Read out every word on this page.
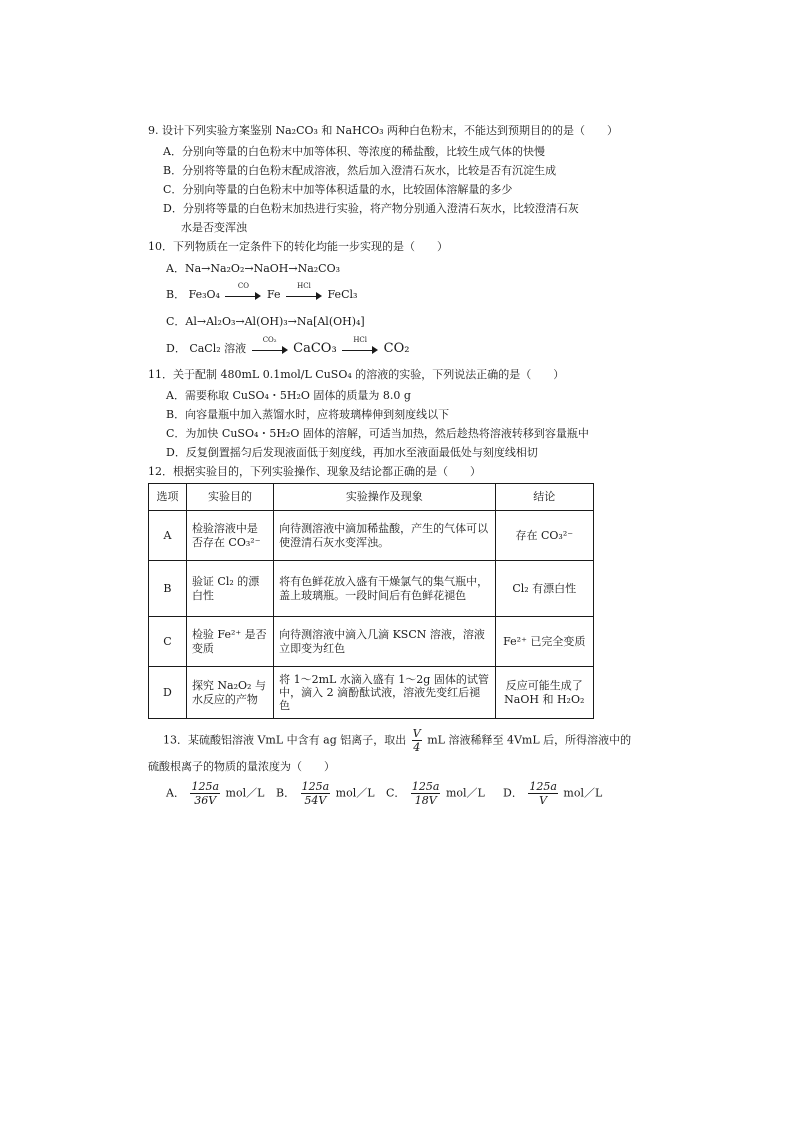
9. 设计下列实验方案鉴别 Na₂CO₃ 和 NaHCO₃ 两种白色粉末，不能达到预期目的的是（　　）
A．分别向等量的白色粉末中加等体积、等浓度的稀盐酸，比较生成气体的快慢
B．分别将等量的白色粉末配成溶液，然后加入澄清石灰水，比较是否有沉淀生成
C．分别向等量的白色粉末中加等体积适量的水，比较固体溶解量的多少
D．分别将等量的白色粉末加热进行实验，将产物分别通入澄清石灰水，比较澄清石灰
水是否变浑浊
10．下列物质在一定条件下的转化均能一步实现的是（　　）
A．Na→Na₂O₂→NaOH→Na₂CO₃
B． Fe₃O₄
CO
Fe
HCl
FeCl₃
C．Al→Al₂O₃→Al(OH)₃→Na[Al(OH)₄]
D． CaCl₂ 溶液
CO₂
CaCO₃
HCl
CO₂
11．关于配制 480mL 0.1mol/L CuSO₄ 的溶液的实验，下列说法正确的是（　　）
A．需要称取 CuSO₄・5H₂O 固体的质量为 8.0 g
B．向容量瓶中加入蒸馏水时，应将玻璃棒伸到刻度线以下
C．为加快 CuSO₄・5H₂O 固体的溶解，可适当加热，然后趁热将溶液转移到容量瓶中
D．反复倒置摇匀后发现液面低于刻度线，再加水至液面最低处与刻度线相切
12．根据实验目的，下列实验操作、现象及结论都正确的是（　　）
选项	实验目的	实验操作及现象	结论
A	检验溶液中是否存在 CO₃²⁻	向待测溶液中滴加稀盐酸，产生的气体可以使澄清石灰水变浑浊。	存在 CO₃²⁻
B	验证 Cl₂ 的漂白性	将有色鲜花放入盛有干燥氯气的集气瓶中，盖上玻璃瓶。一段时间后有色鲜花褪色	Cl₂ 有漂白性
C	检验 Fe²⁺ 是否变质	向待测溶液中滴入几滴 KSCN 溶液，溶液立即变为红色	Fe²⁺ 已完全变质
D	探究 Na₂O₂ 与水反应的产物	将 1～2mL 水滴入盛有 1～2g 固体的试管中，滴入 2 滴酚酞试液，溶液先变红后褪色	反应可能生成了 NaOH 和 H₂O₂
13．某硫酸铝溶液 VmL 中含有 ag 铝离子，取出 $\frac{V}{4}$ mL 溶液稀释至 4VmL 后，所得溶液中的
硫酸根离子的物质的量浓度为（　　）
A． $\frac{125a}{36V}$ mol／L B． $\frac{125a}{54V}$ mol／L C． $\frac{125a}{18V}$ mol／L D． $\frac{125a}{V}$ mol／L
